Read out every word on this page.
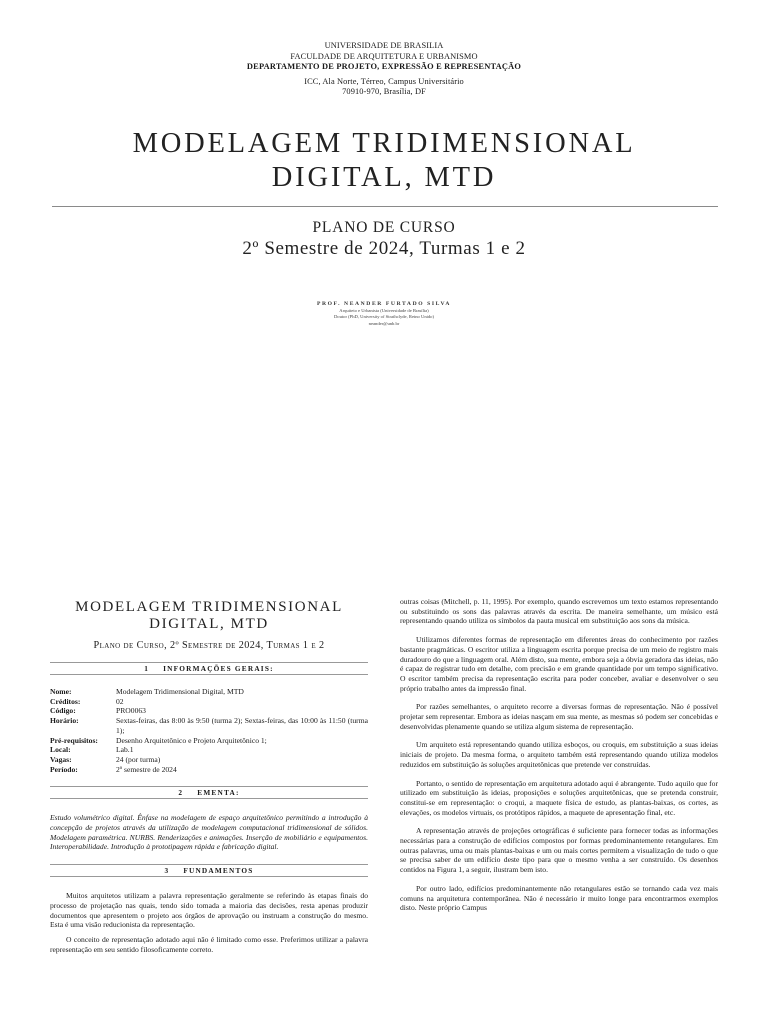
UNIVERSIDADE DE BRASILIA
FACULDADE DE ARQUITETURA E URBANISMO
DEPARTAMENTO DE PROJETO, EXPRESSÃO E REPRESENTAÇÃO
ICC, Ala Norte, Térreo, Campus Universitário
70910-970, Brasília, DF
MODELAGEM TRIDIMENSIONAL
DIGITAL, MTD
PLANO DE CURSO
2º Semestre de 2024, Turmas 1 e 2
PROF. NEANDER FURTADO SILVA
Arquiteto e Urbanista (Universidade de Brasília)
Doutor (PhD, University of Strathclyde, Reino Unido)
neander@unb.br
MODELAGEM TRIDIMENSIONAL
DIGITAL, MTD
Plano de Curso, 2º Semestre de 2024, Turmas 1 e 2
1 INFORMAÇÕES GERAIS:
Nome:	Modelagem Tridimensional Digital, MTD
Créditos:	02
Código:	PRO0063
Horário:	Sextas-feiras, das 8:00 às 9:50 (turma 2); Sextas-feiras, das 10:00 às 11:50 (turma 1);
Pré-requisitos:	Desenho Arquitetônico e Projeto Arquitetônico 1;
Local:	Lab.1
Vagas:	24 (por turma)
Período:	2º semestre de 2024
2 EMENTA:
Estudo volumétrico digital. Ênfase na modelagem de espaço arquitetônico permitindo a introdução à concepção de projetos através da utilização de modelagem computacional tridimensional de sólidos. Modelagem paramétrica. NURBS. Renderizações e animações. Inserção de mobiliário e equipamentos. Interoperabilidade. Introdução à prototipagem rápida e fabricação digital.
3 FUNDAMENTOS

Muitos arquitetos utilizam a palavra representação geralmente se referindo às etapas finais do processo de projetação nas quais, tendo sido tomada a maioria das decisões, resta apenas produzir documentos que apresentem o projeto aos órgãos de aprovação ou instruam a construção do mesmo. Esta é uma visão reducionista da representação.

O conceito de representação adotado aqui não é limitado como esse. Preferimos utilizar a palavra representação em seu sentido filosoficamente correto.

outras coisas (Mitchell, p. 11, 1995). Por exemplo, quando escrevemos um texto estamos representando ou substituindo os sons das palavras através da escrita. De maneira semelhante, um músico está representando quando utiliza os símbolos da pauta musical em substituição aos sons da música.

Utilizamos diferentes formas de representação em diferentes áreas do conhecimento por razões bastante pragmáticas. O escritor utiliza a linguagem escrita porque precisa de um meio de registro mais duradouro do que a linguagem oral. Além disto, sua mente, embora seja a óbvia geradora das ideias, não é capaz de registrar tudo em detalhe, com precisão e em grande quantidade por um tempo significativo. O escritor também precisa da representação escrita para poder conceber, avaliar e desenvolver o seu próprio trabalho antes da impressão final.

Por razões semelhantes, o arquiteto recorre a diversas formas de representação. Não é possível projetar sem representar. Embora as ideias nasçam em sua mente, as mesmas só podem ser concebidas e desenvolvidas plenamente quando se utiliza algum sistema de representação.

Um arquiteto está representando quando utiliza esboços, ou croquis, em substituição a suas ideias iniciais de projeto. Da mesma forma, o arquiteto também está representando quando utiliza modelos reduzidos em substituição às soluções arquitetônicas que pretende ver construídas.

Portanto, o sentido de representação em arquitetura adotado aqui é abrangente. Tudo aquilo que for utilizado em substituição às ideias, proposições e soluções arquitetônicas, que se pretenda construir, constitui-se em representação: o croqui, a maquete física de estudo, as plantas-baixas, os cortes, as elevações, os modelos virtuais, os protótipos rápidos, a maquete de apresentação final, etc.

A representação através de projeções ortográficas é suficiente para fornecer todas as informações necessárias para a construção de edifícios compostos por formas predominantemente retangulares. Em outras palavras, uma ou mais plantas-baixas e um ou mais cortes permitem a visualização de tudo o que se precisa saber de um edifício deste tipo para que o mesmo venha a ser construído. Os desenhos contidos na Figura 1, a seguir, ilustram bem isto.

Por outro lado, edifícios predominantemente não retangulares estão se tornando cada vez mais comuns na arquitetura contemporânea. Não é necessário ir muito longe para encontrarmos exemplos disto. Neste próprio Campus
